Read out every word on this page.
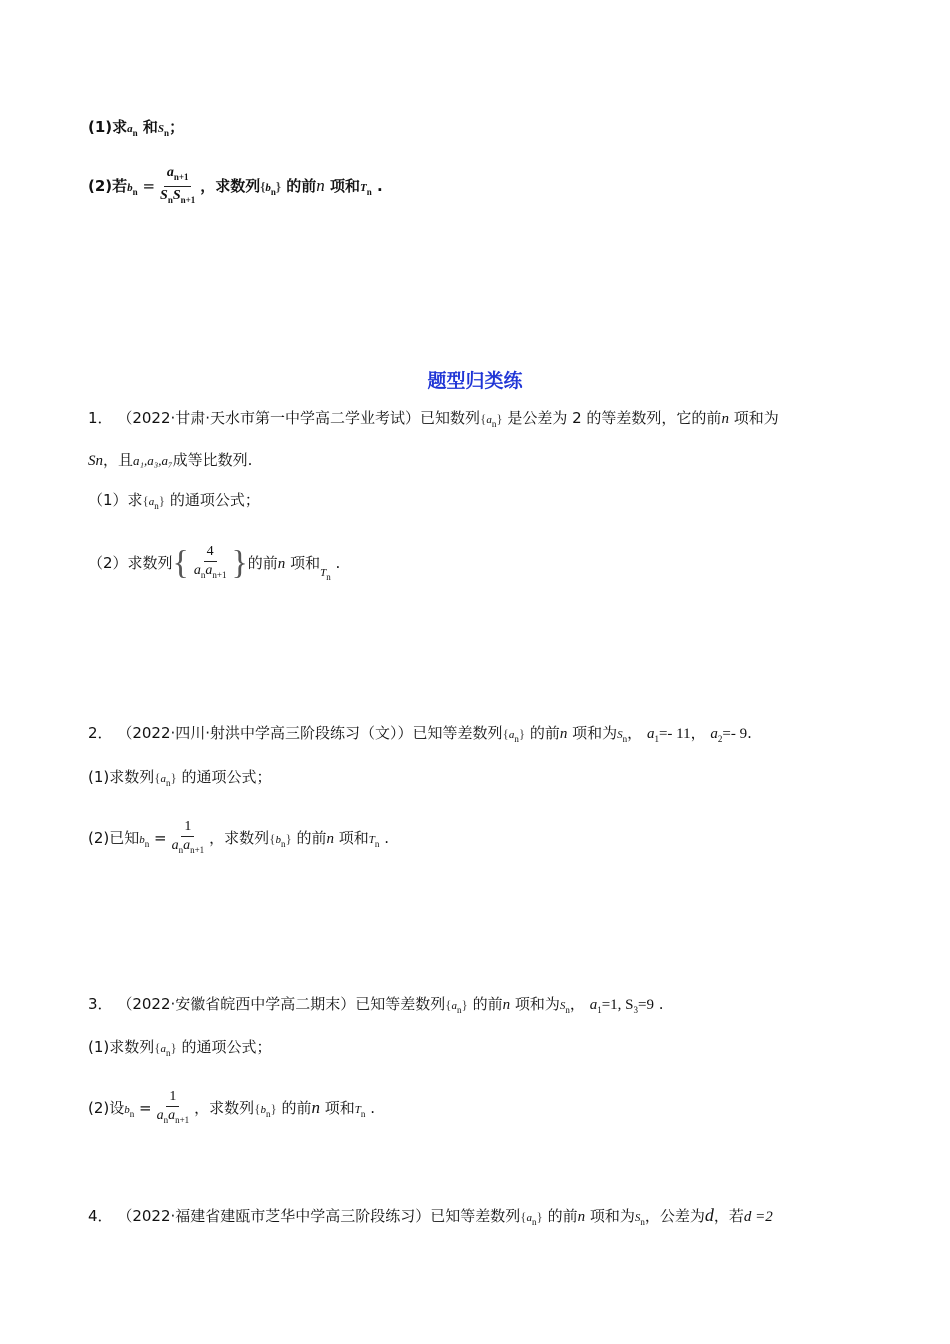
(1)求$a_n$ 和$S_n$；
(2)若$b_n = \frac{a_{n+1}}{S_nS_{n+1}}$ ，求数列$\{b_n\}$ 的前n 项和$T_n$ .
题型归类练
1． （2022·甘肃·天水市第一中学高二学业考试）已知数列$\{a_n\}$ 是公差为 2 的等差数列，它的前n 项和为
Sn，且a₁,a₃,a₇成等比数列.
（1）求$\{a_n\}$ 的通项公式；
（2）求数列{ $\frac{4}{a_na_{n+1}}$ }的前n 项和$_{T_n}$ .
2． （2022·四川·射洪中学高三阶段练习（文））已知等差数列$\{a_n\}$ 的前n 项和为$S_n$， $a_1=-$ 11， $a_2=-$ 9.
(1)求数列$\{a_n\}$ 的通项公式；
(2)已知$b_n = \frac{1}{a_na_{n+1}}$ ，求数列$\{b_n\}$ 的前n 项和$T_n$ .
3． （2022·安徽省皖西中学高二期末）已知等差数列$\{a_n\}$ 的前n 项和为$S_n$， $a_1=1$, $S_3=9$ .
(1)求数列$\{a_n\}$ 的通项公式；
(2)设$b_n = \frac{1}{a_na_{n+1}}$ ，求数列$\{b_n\}$ 的前n 项和$T_n$ .
4． （2022·福建省建瓯市芝华中学高三阶段练习）已知等差数列$\{a_n\}$ 的前n 项和为$S_n$，公差为d，若d =2
